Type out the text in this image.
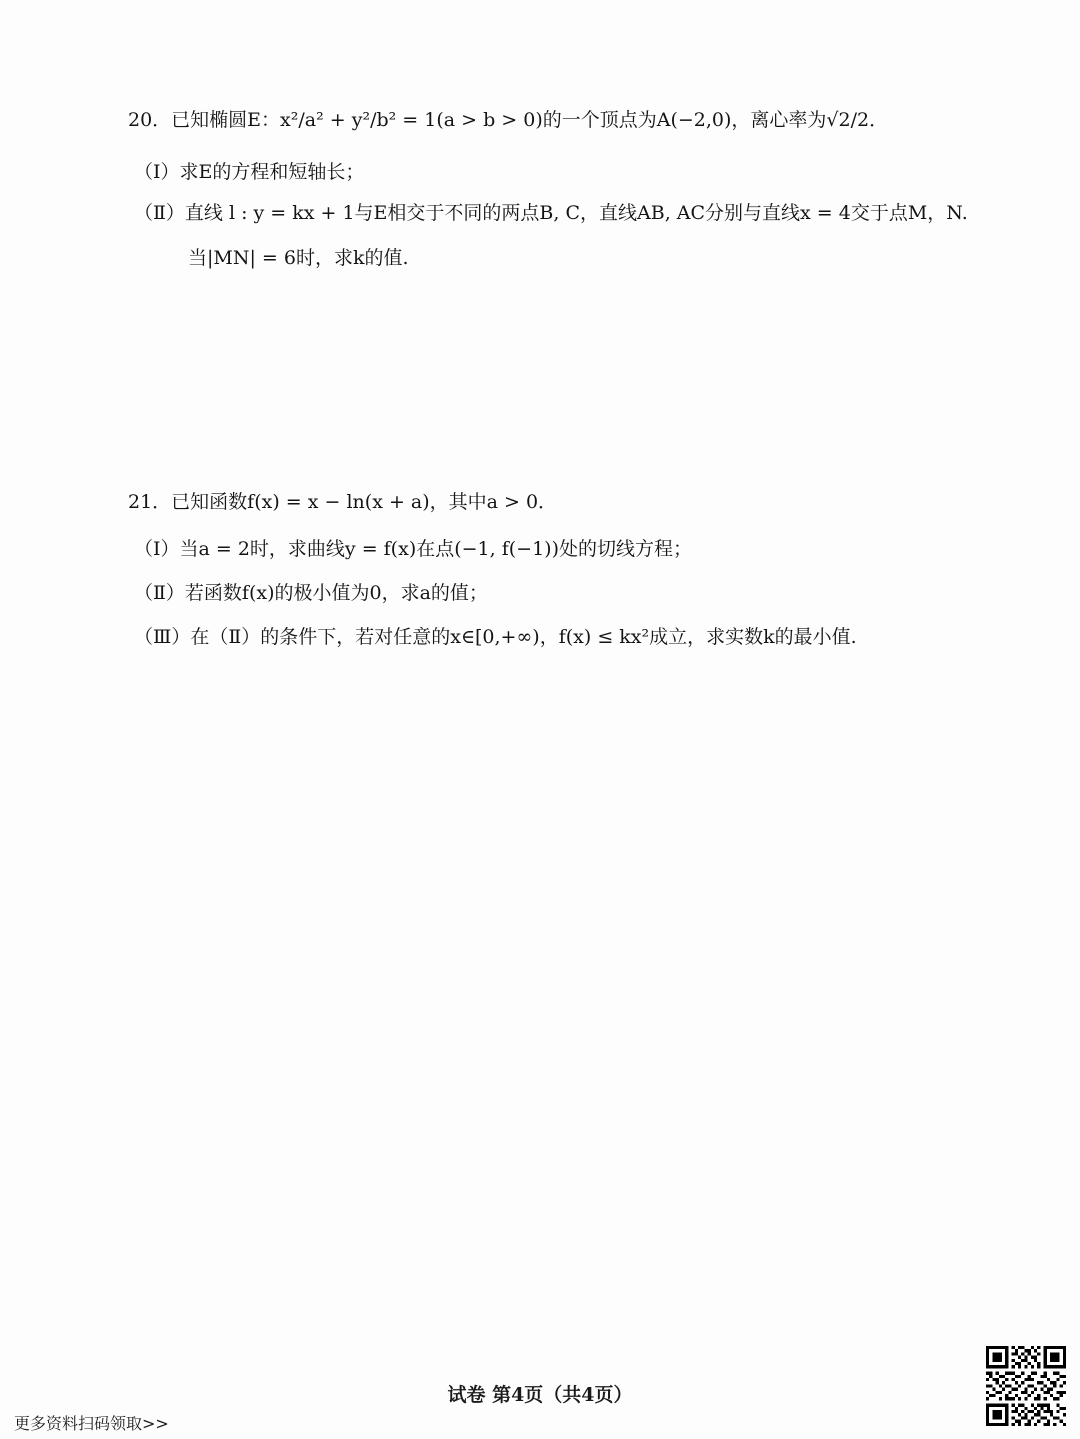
20．已知椭圆E：x²/a² + y²/b² = 1(a > b > 0)的一个顶点为A(−2,0)，离心率为√2/2．
（Ⅰ）求E的方程和短轴长；
（Ⅱ）直线 l : y = kx + 1与E相交于不同的两点B, C，直线AB, AC分别与直线x = 4交于点M，N.
当|MN| = 6时，求k的值.
21．已知函数f(x) = x − ln(x + a)，其中a > 0．
（Ⅰ）当a = 2时，求曲线y = f(x)在点(−1, f(−1))处的切线方程；
（Ⅱ）若函数f(x)的极小值为0，求a的值；
（Ⅲ）在（Ⅱ）的条件下，若对任意的x∈[0,+∞)，f(x) ≤ kx²成立，求实数k的最小值.
试卷 第4页（共4页）
更多资料扫码领取>>
